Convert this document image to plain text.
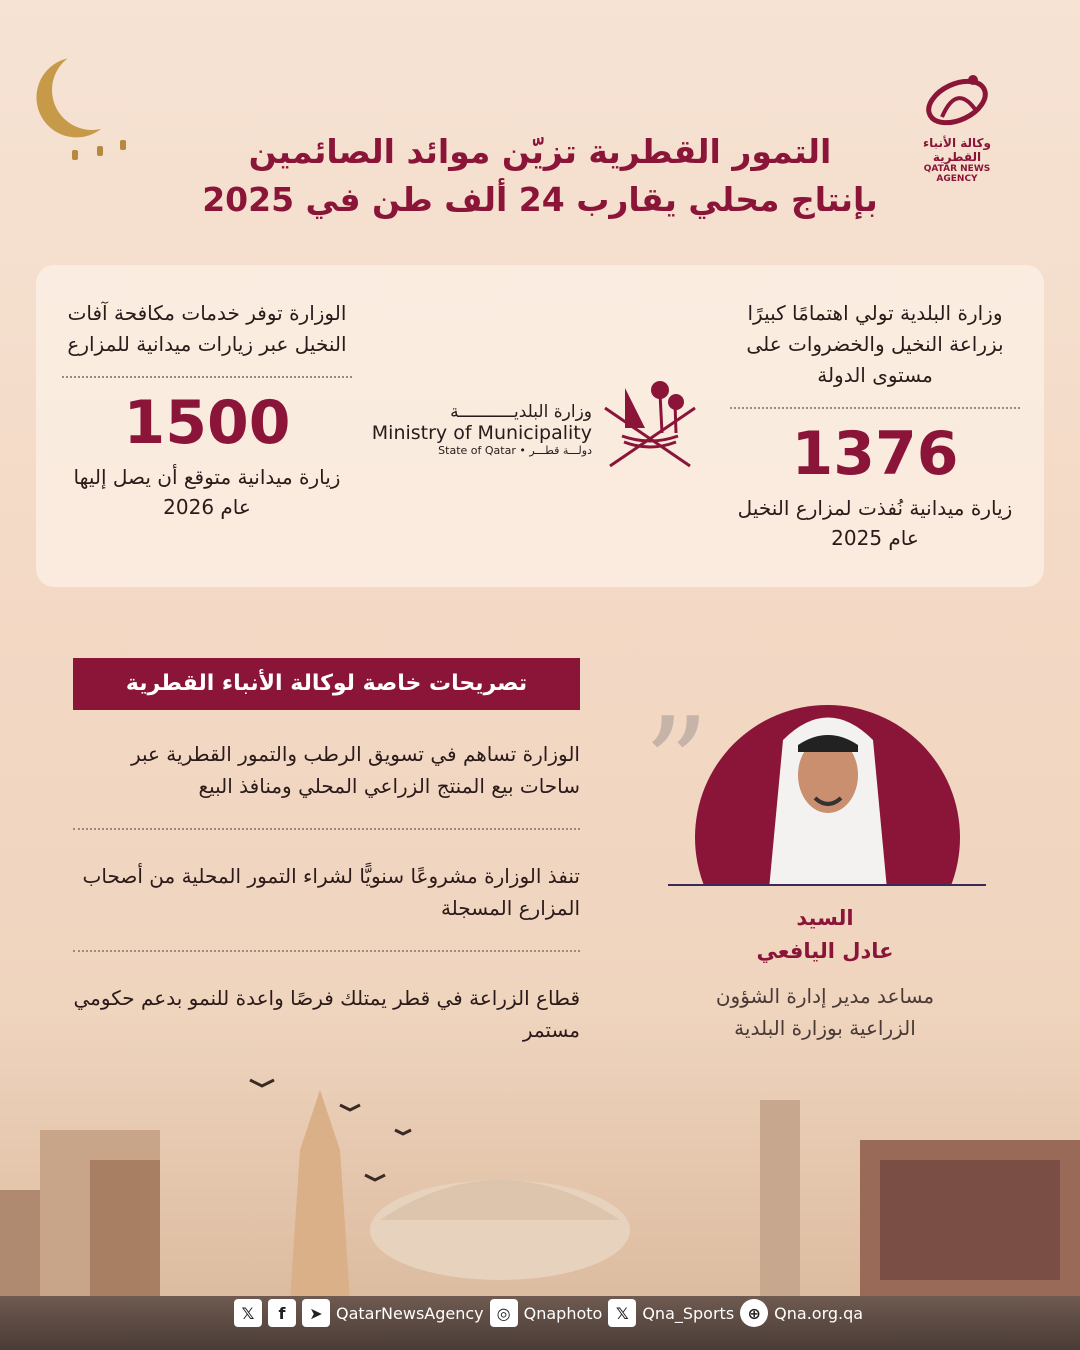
وكالة الأنباء القطرية
QATAR NEWS AGENCY
التمور القطرية تزيّن موائد الصائمين
بإنتاج محلي يقارب 24 ألف طن في 2025
وزارة البلدية تولي اهتمامًا كبيرًا بزراعة النخيل والخضروات على مستوى الدولة
1376
زيارة ميدانية نُفذت لمزارع النخيل عام 2025
الوزارة توفر خدمات مكافحة آفات النخيل عبر زيارات ميدانية للمزارع
1500
زيارة ميدانية متوقع أن يصل إليها عام 2026
وزارة البلديـــــــــــة
Ministry of Municipality
State of Qatar • دولـــة قطـــر
تصريحات خاصة لوكالة الأنباء القطرية
الوزارة تساهم في تسويق الرطب والتمور القطرية عبر ساحات بيع المنتج الزراعي المحلي ومنافذ البيع
تنفذ الوزارة مشروعًا سنويًّا لشراء التمور المحلية من أصحاب المزارع المسجلة
قطاع الزراعة في قطر يمتلك فرصًا واعدة للنمو بدعم حكومي مستمر
”
السيد
عادل اليافعي
مساعد مدير إدارة الشؤون الزراعية بوزارة البلدية
𝕏	f	➤ QatarNewsAgency ◎ Qnaphoto 𝕏 Qna_Sports ⊕ Qna.org.qa
